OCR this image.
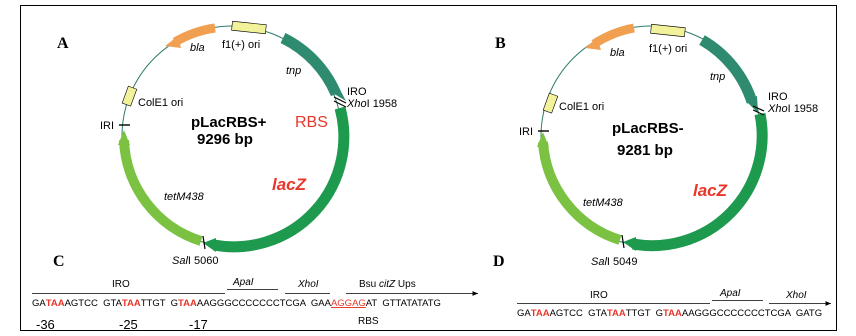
A	bla f1(+) ori
tnp
IRO
XhoI 1958
RBS
lacZ
ColE1 ori
IRI
tetM438
SalI 5060
pLacRBS+
9296 bp
B
bla f1(+) ori
tnp
IRO
XhoI 1958
lacZ
ColE1 ori
IRI
tetM438
SalI 5049
pLacRBS-
9281 bp
C
IRO	ApaI	XhoI	Bsu citZ Ups
GATAAAGTCC  GTATAATTGT  GTAAAAGGGCCCCCCCTCGA  GAAAGGAGAT  GTTATATATG
RBS
-36	-25	-17
D
IRO	ApaI	XhoI
GATAAAGTCC  GTATAATTGT  GTAAAAGGGCCCCCCCTCGA  GATG
